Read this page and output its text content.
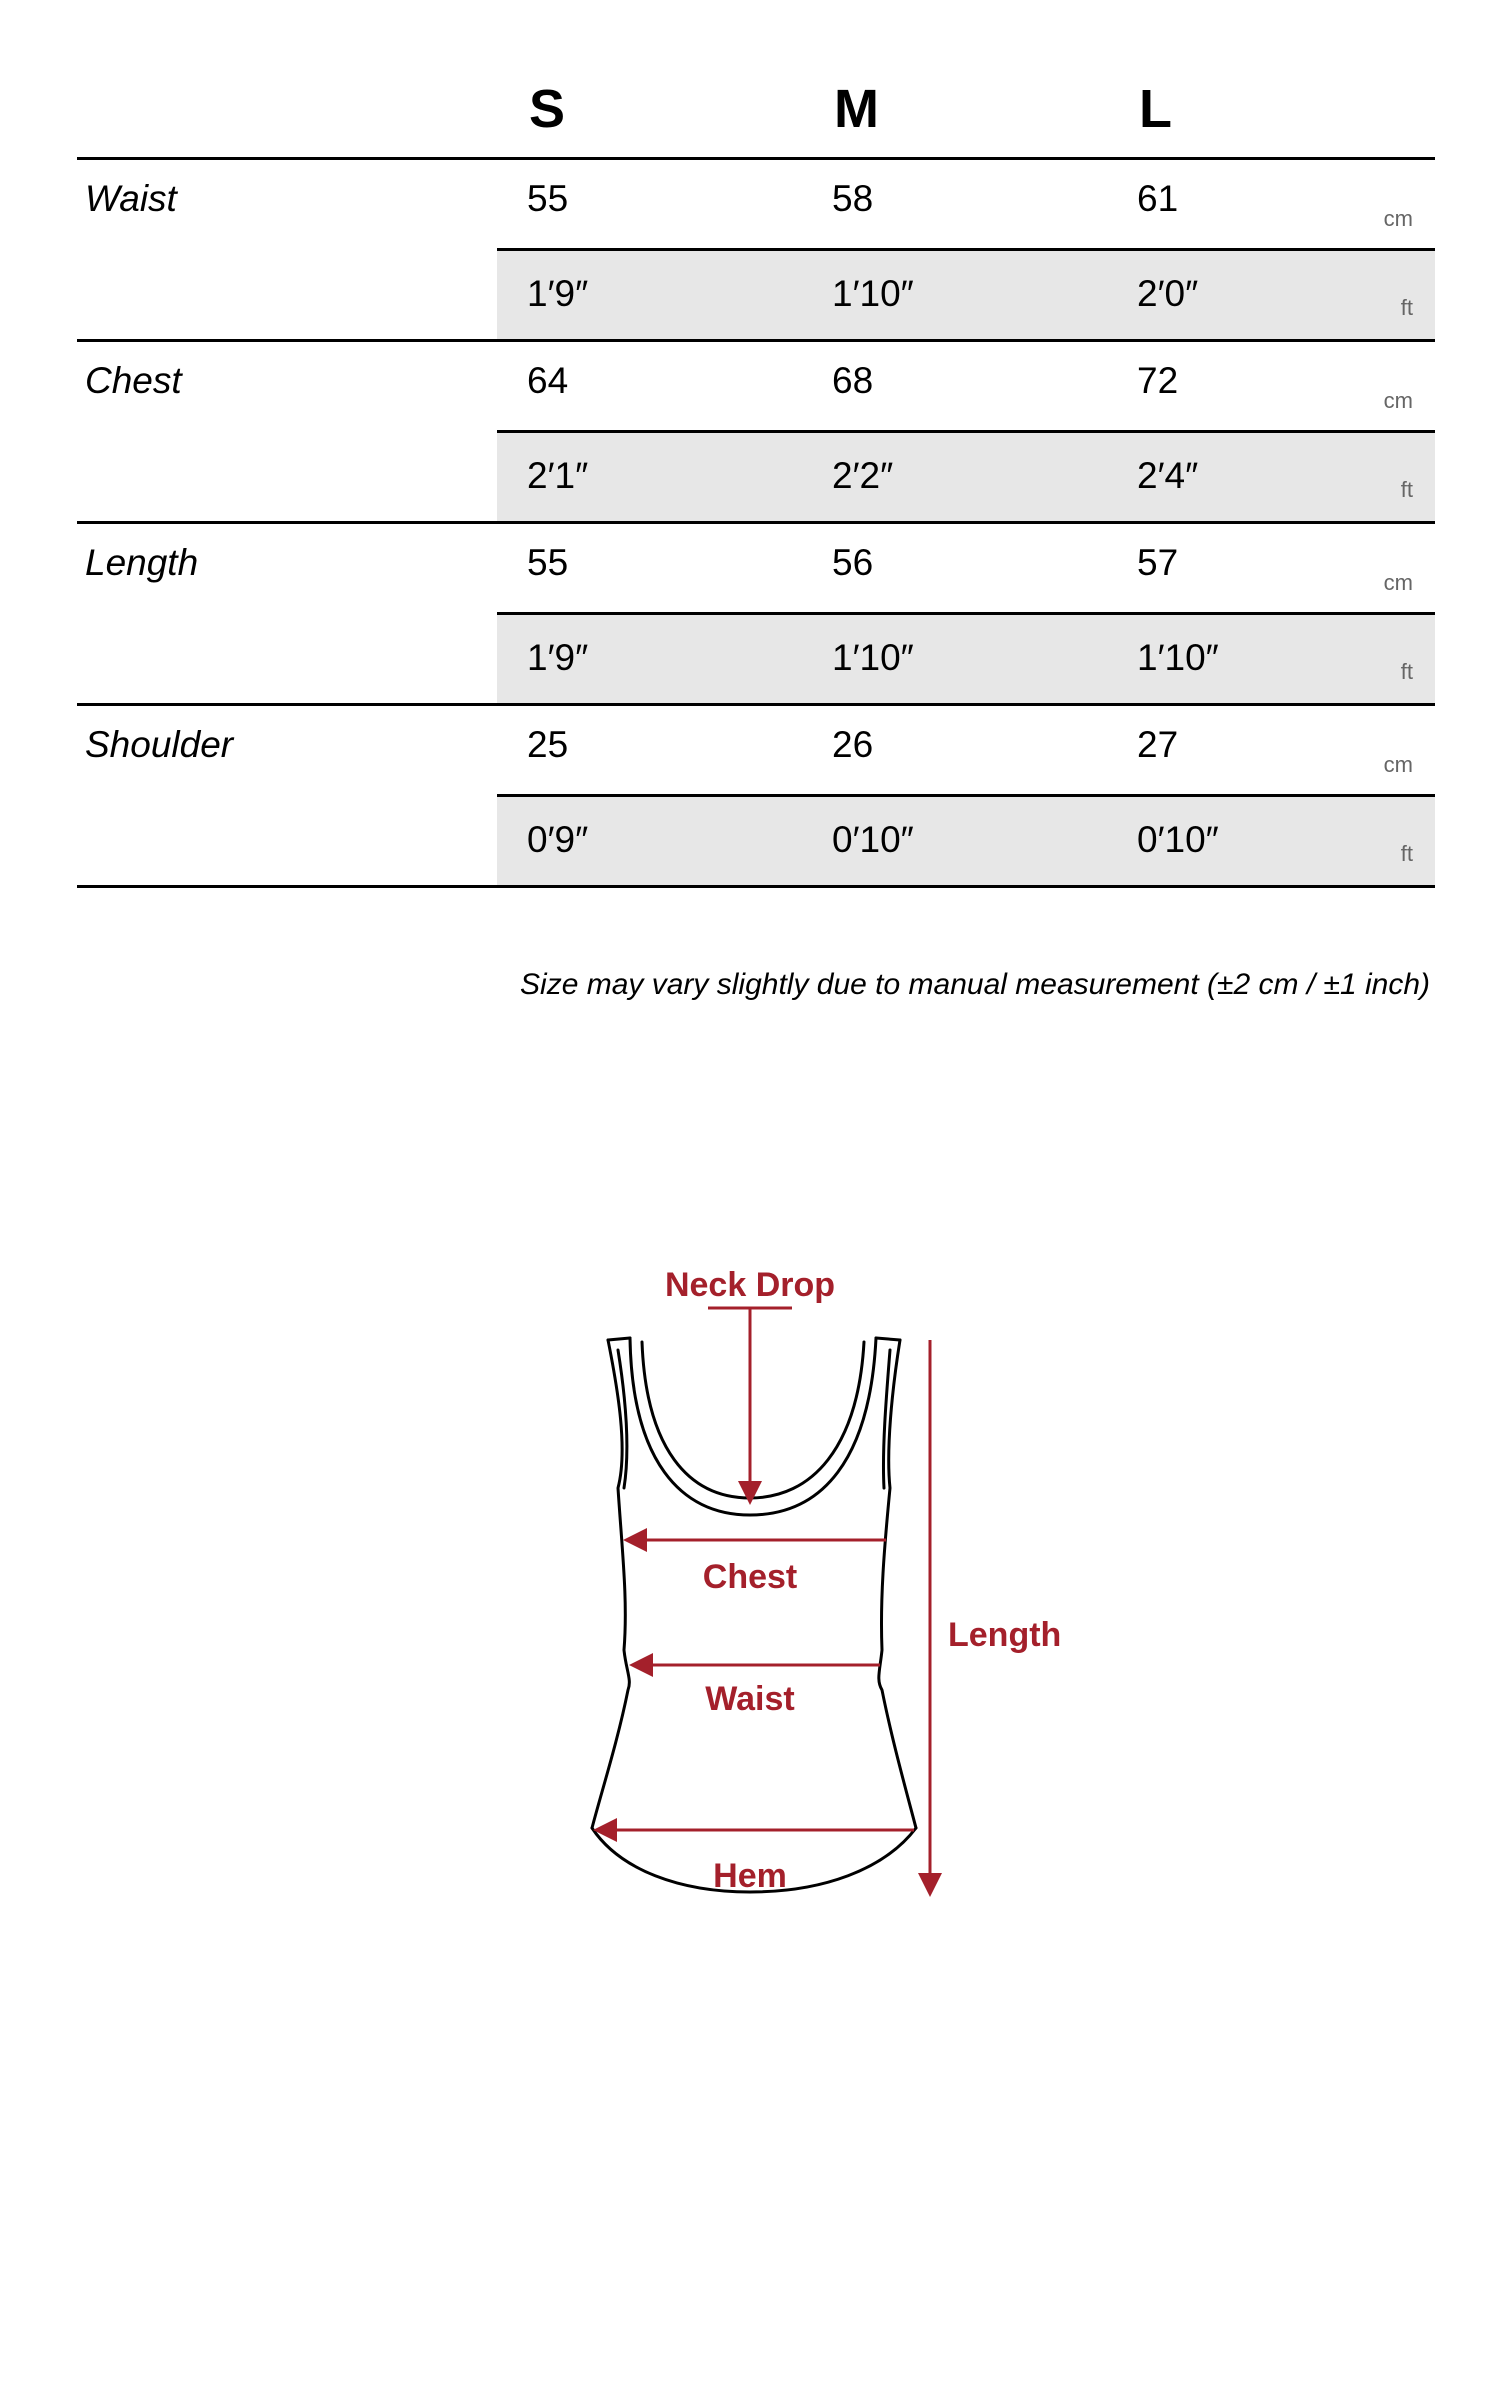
S	M	L
Waist	55	58	61	cm
1′9″	1′10″	2′0″	ft
Chest	64	68	72	cm
2′1″	2′2″	2′4″	ft
Length	55	56	57	cm
1′9″	1′10″	1′10″	ft
Shoulder	25	26	27	cm
0′9″	0′10″	0′10″	ft
Size may vary slightly due to manual measurement (±2 cm / ±1 inch)
Neck Drop
Chest
Waist
Hem
Length
